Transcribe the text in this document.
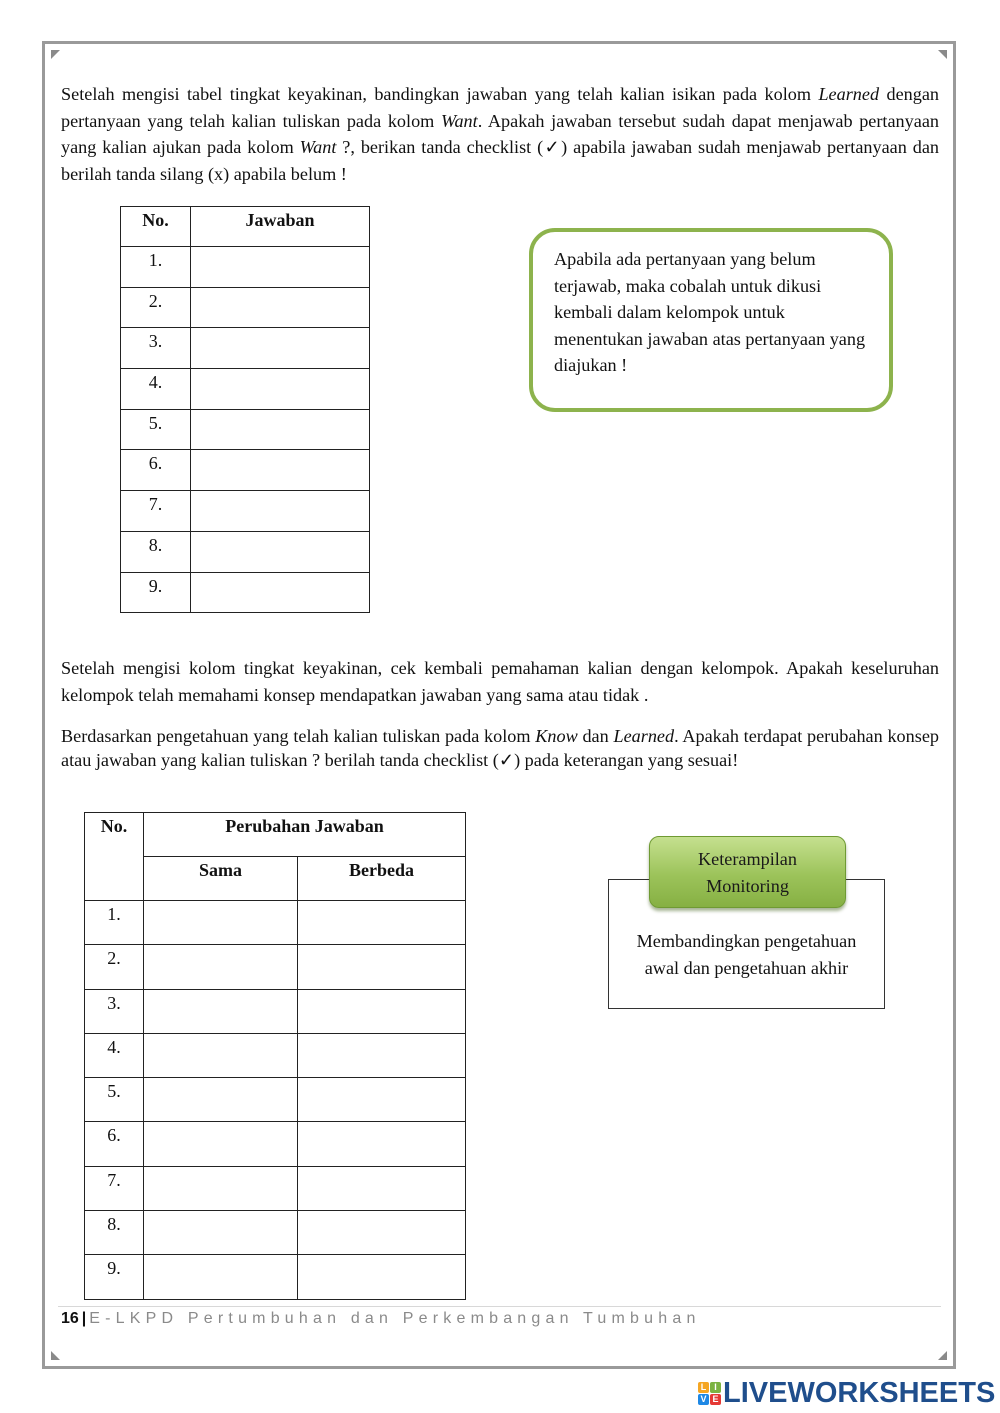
Setelah mengisi tabel tingkat keyakinan, bandingkan jawaban yang telah kalian isikan pada kolom Learned dengan pertanyaan yang telah kalian tuliskan pada kolom Want. Apakah jawaban tersebut sudah dapat menjawab pertanyaan yang kalian ajukan pada kolom Want ?, berikan tanda checklist (✓) apabila jawaban sudah menjawab pertanyaan dan berilah tanda silang (x) apabila belum !

No.	Jawaban
1.	
2.	
3.	
4.	
5.	
6.	
7.	
8.	
9.	
Apabila ada pertanyaan yang belum terjawab, maka cobalah untuk dikusi kembali dalam kelompok untuk menentukan jawaban atas pertanyaan yang diajukan !

Setelah mengisi kolom tingkat keyakinan, cek kembali pemahaman kalian dengan kelompok. Apakah keseluruhan kelompok telah memahami konsep mendapatkan jawaban yang sama atau tidak .

Berdasarkan pengetahuan yang telah kalian tuliskan pada kolom Know dan Learned. Apakah terdapat perubahan konsep atau jawaban yang kalian tuliskan ? berilah tanda checklist (✓) pada keterangan yang sesuai!

No.	Perubahan Jawaban	
	Sama	Berbeda
1.		
2.		
3.		
4.		
5.		
6.		
7.		
8.		
9.		
Membandingkan pengetahuan
awal dan pengetahuan akhir
Keterampilan
Monitoring
16 | E-LKPD Pertumbuhan dan Perkembangan Tumbuhan
L I
V E LIVEWORKSHEETS
